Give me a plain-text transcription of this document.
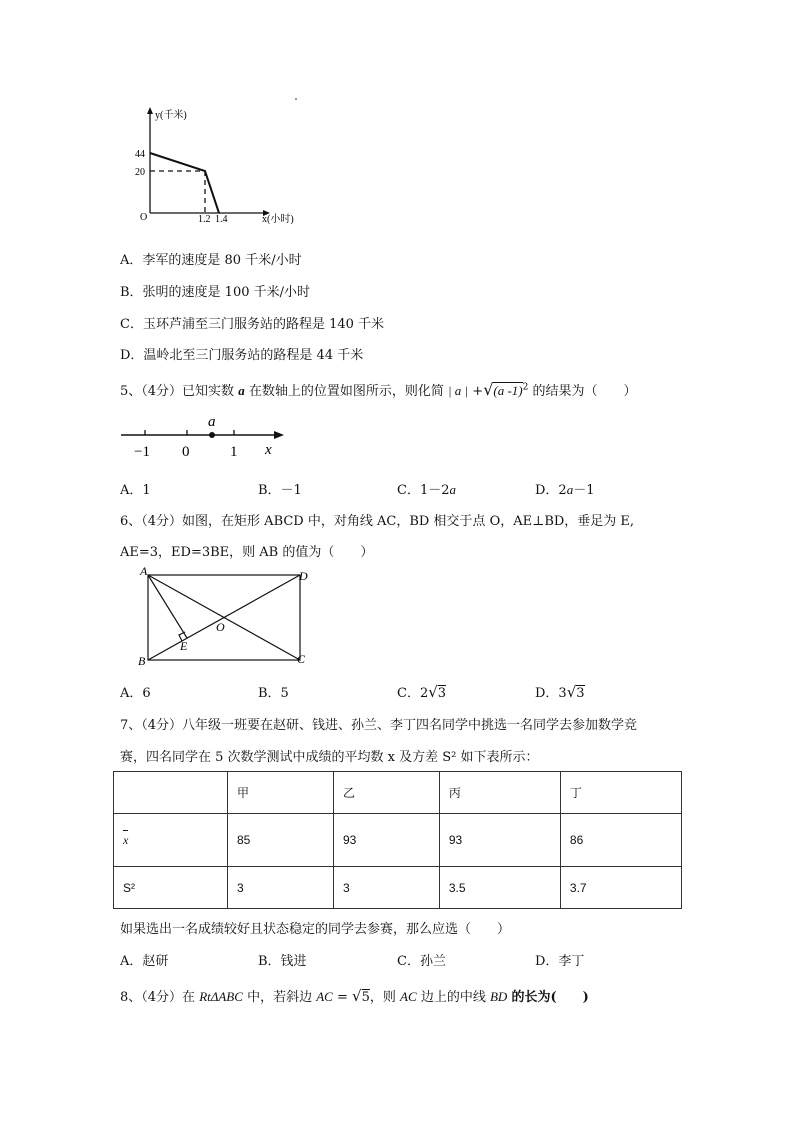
y(千米)
44
20
O	1.2 1.4	x(小时)
A．李军的速度是 80 千米/小时
B．张明的速度是 100 千米/小时
C．玉环芦浦至三门服务站的路程是 140 千米
D．温岭北至三门服务站的路程是 44 千米
5、（4分）已知实数 a 在数轴上的位置如图所示，则化简 | a | +√(a -1)$^2$ 的结果为（　　）
a
−1 0	1 x
A．1	B．－1	C．1－2a	D．2a－1
6、（4分）如图，在矩形 ABCD 中，对角线 AC，BD 相交于点 O，AE⊥BD，垂足为 E,
AE=3，ED=3BE，则 AB 的值为（　　）
A	D
B	C
E
O
A．6	B．5	C．2√3	D．3√3
7、（4分）八年级一班要在赵研、钱进、孙兰、李丁四名同学中挑选一名同学去参加数学竞
赛，四名同学在 5 次数学测试中成绩的平均数 x 及方差 S² 如下表所示：
	甲	乙	丙	丁
x	85	93	93	86
S²	3	3	3.5	3.7
如果选出一名成绩较好且状态稳定的同学去参赛，那么应选（　　）
A．赵研	B．钱进	C．孙兰	D．李丁
8、（4分）在 RtΔABC 中，若斜边 AC = √5，则 AC 边上的中线 BD 的长为(　　)
